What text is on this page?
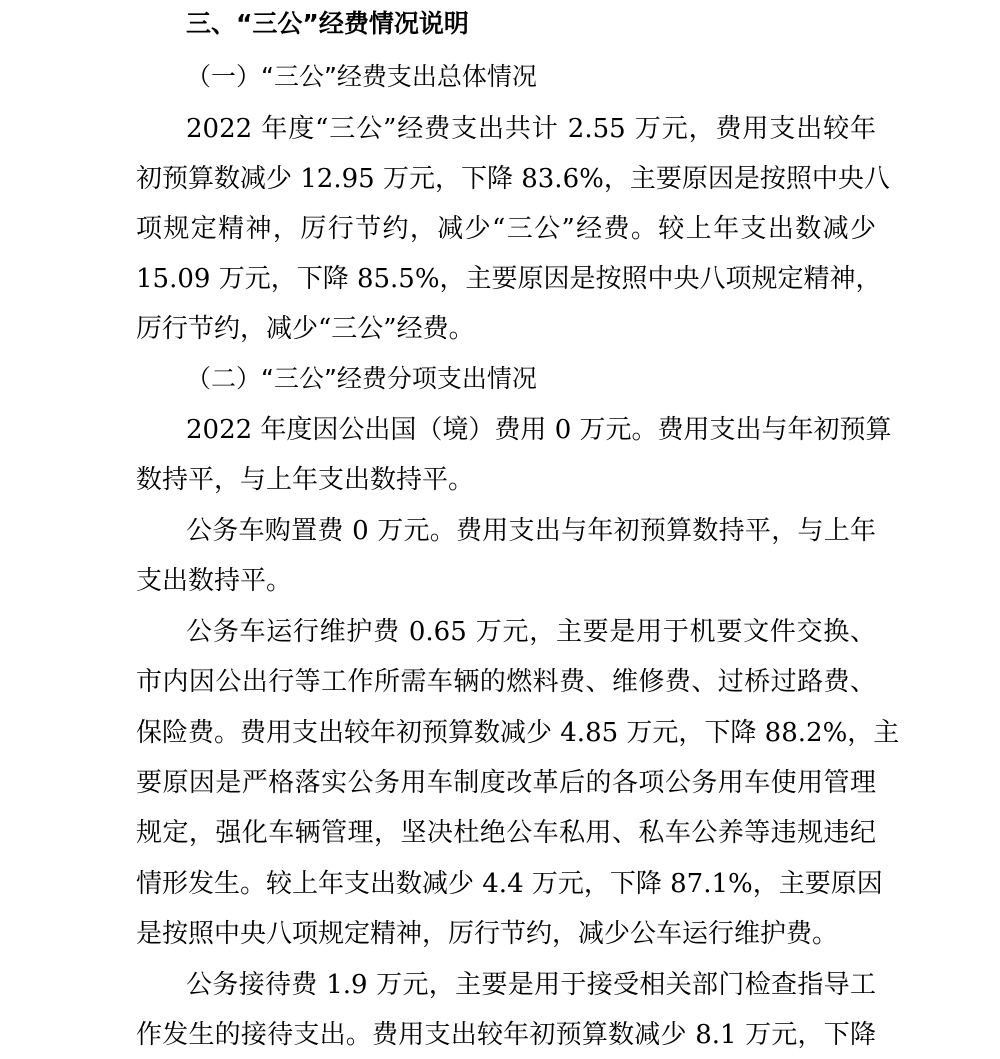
三、“三公”经费情况说明
（一）“三公”经费支出总体情况
2022 年度“三公”经费支出共计 2.55 万元，费用支出较年
初预算数减少 12.95 万元，下降 83.6%，主要原因是按照中央八
项规定精神，厉行节约，减少“三公”经费。较上年支出数减少
15.09 万元，下降 85.5%，主要原因是按照中央八项规定精神，
厉行节约，减少“三公”经费。
（二）“三公”经费分项支出情况
2022 年度因公出国（境）费用 0 万元。费用支出与年初预算
数持平，与上年支出数持平。
公务车购置费 0 万元。费用支出与年初预算数持平，与上年
支出数持平。
公务车运行维护费 0.65 万元，主要是用于机要文件交换、
市内因公出行等工作所需车辆的燃料费、维修费、过桥过路费、
保险费。费用支出较年初预算数减少 4.85 万元，下降 88.2%，主
要原因是严格落实公务用车制度改革后的各项公务用车使用管理
规定，强化车辆管理，坚决杜绝公车私用、私车公养等违规违纪
情形发生。较上年支出数减少 4.4 万元，下降 87.1%，主要原因
是按照中央八项规定精神，厉行节约，减少公车运行维护费。
公务接待费 1.9 万元，主要是用于接受相关部门检查指导工
作发生的接待支出。费用支出较年初预算数减少 8.1 万元，下降
